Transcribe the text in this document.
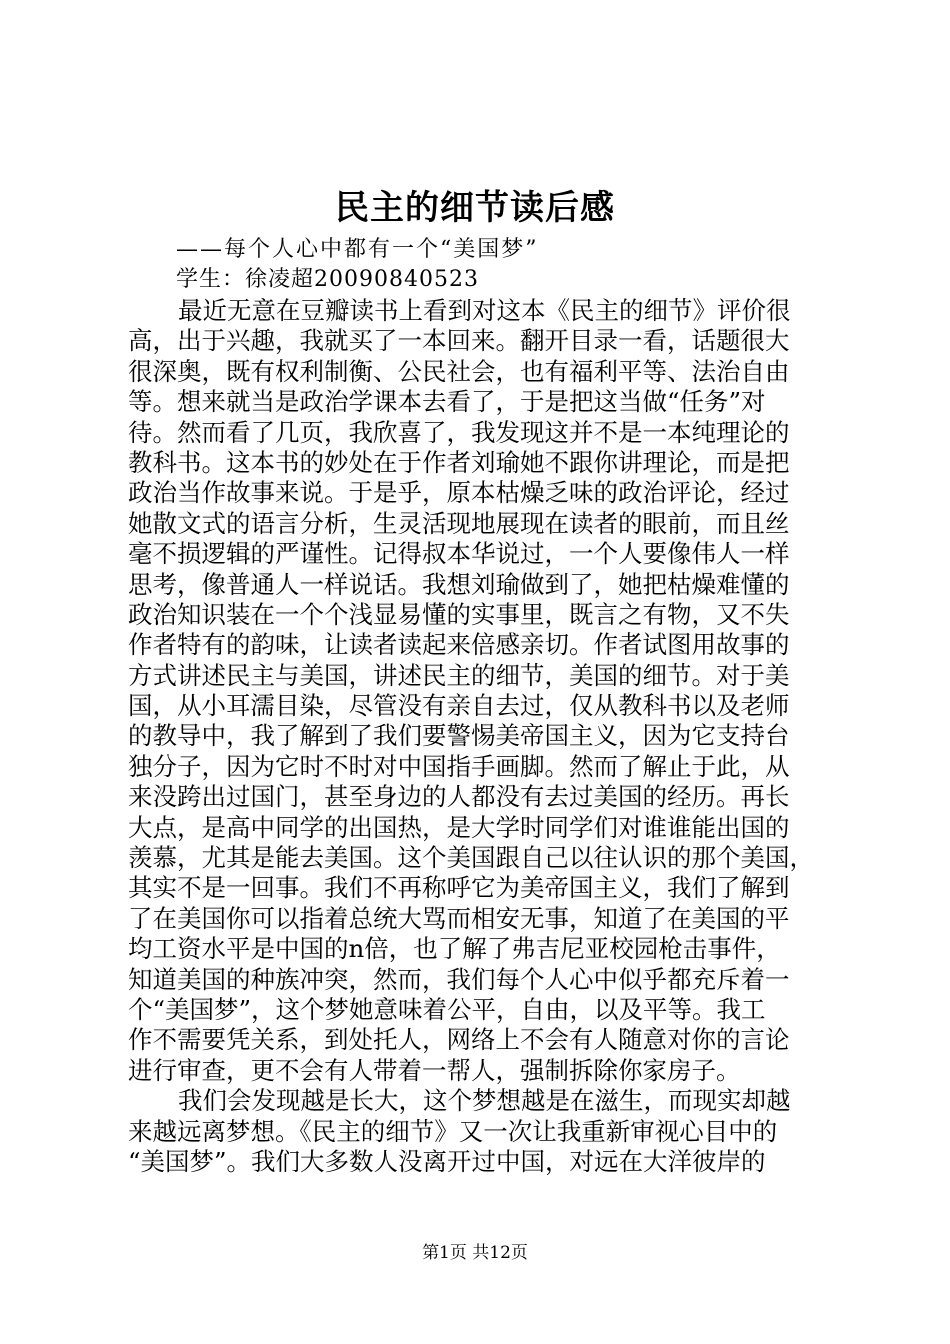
民主的细节读后感
——每个人心中都有一个“美国梦”
学生：徐凌超20090840523
最近无意在豆瓣读书上看到对这本《民主的细节》评价很
高，出于兴趣，我就买了一本回来。翻开目录一看，话题很大
很深奥，既有权利制衡、公民社会，也有福利平等、法治自由
等。想来就当是政治学课本去看了，于是把这当做“任务”对
待。然而看了几页，我欣喜了，我发现这并不是一本纯理论的
教科书。这本书的妙处在于作者刘瑜她不跟你讲理论，而是把
政治当作故事来说。于是乎，原本枯燥乏味的政治评论，经过
她散文式的语言分析，生灵活现地展现在读者的眼前，而且丝
毫不损逻辑的严谨性。记得叔本华说过，一个人要像伟人一样
思考，像普通人一样说话。我想刘瑜做到了，她把枯燥难懂的
政治知识装在一个个浅显易懂的实事里，既言之有物，又不失
作者特有的韵味，让读者读起来倍感亲切。作者试图用故事的
方式讲述民主与美国，讲述民主的细节，美国的细节。对于美
国，从小耳濡目染，尽管没有亲自去过，仅从教科书以及老师
的教导中，我了解到了我们要警惕美帝国主义，因为它支持台
独分子，因为它时不时对中国指手画脚。然而了解止于此，从
来没跨出过国门，甚至身边的人都没有去过美国的经历。再长
大点，是高中同学的出国热，是大学时同学们对谁谁能出国的
羡慕，尤其是能去美国。这个美国跟自己以往认识的那个美国，
其实不是一回事。我们不再称呼它为美帝国主义，我们了解到
了在美国你可以指着总统大骂而相安无事，知道了在美国的平
均工资水平是中国的n倍，也了解了弗吉尼亚校园枪击事件，
知道美国的种族冲突，然而，我们每个人心中似乎都充斥着一
个“美国梦”，这个梦她意味着公平，自由，以及平等。我工
作不需要凭关系，到处托人，网络上不会有人随意对你的言论
进行审查，更不会有人带着一帮人，强制拆除你家房子。
我们会发现越是长大，这个梦想越是在滋生，而现实却越
来越远离梦想。《民主的细节》又一次让我重新审视心目中的
“美国梦”。我们大多数人没离开过中国，对远在大洋彼岸的
第1页 共12页
